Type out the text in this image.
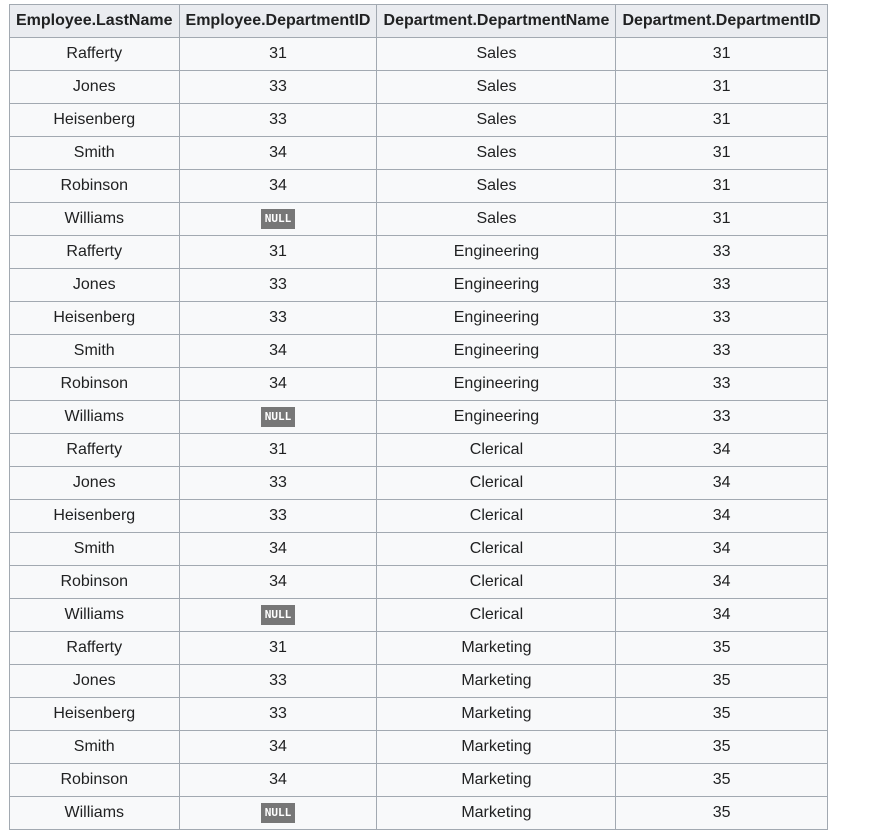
Employee.LastName	Employee.DepartmentID	Department.DepartmentName	Department.DepartmentID
Rafferty	31	Sales	31
Jones	33	Sales	31
Heisenberg	33	Sales	31
Smith	34	Sales	31
Robinson	34	Sales	31
Williams	NULL	Sales	31
Rafferty	31	Engineering	33
Jones	33	Engineering	33
Heisenberg	33	Engineering	33
Smith	34	Engineering	33
Robinson	34	Engineering	33
Williams	NULL	Engineering	33
Rafferty	31	Clerical	34
Jones	33	Clerical	34
Heisenberg	33	Clerical	34
Smith	34	Clerical	34
Robinson	34	Clerical	34
Williams	NULL	Clerical	34
Rafferty	31	Marketing	35
Jones	33	Marketing	35
Heisenberg	33	Marketing	35
Smith	34	Marketing	35
Robinson	34	Marketing	35
Williams	NULL	Marketing	35
